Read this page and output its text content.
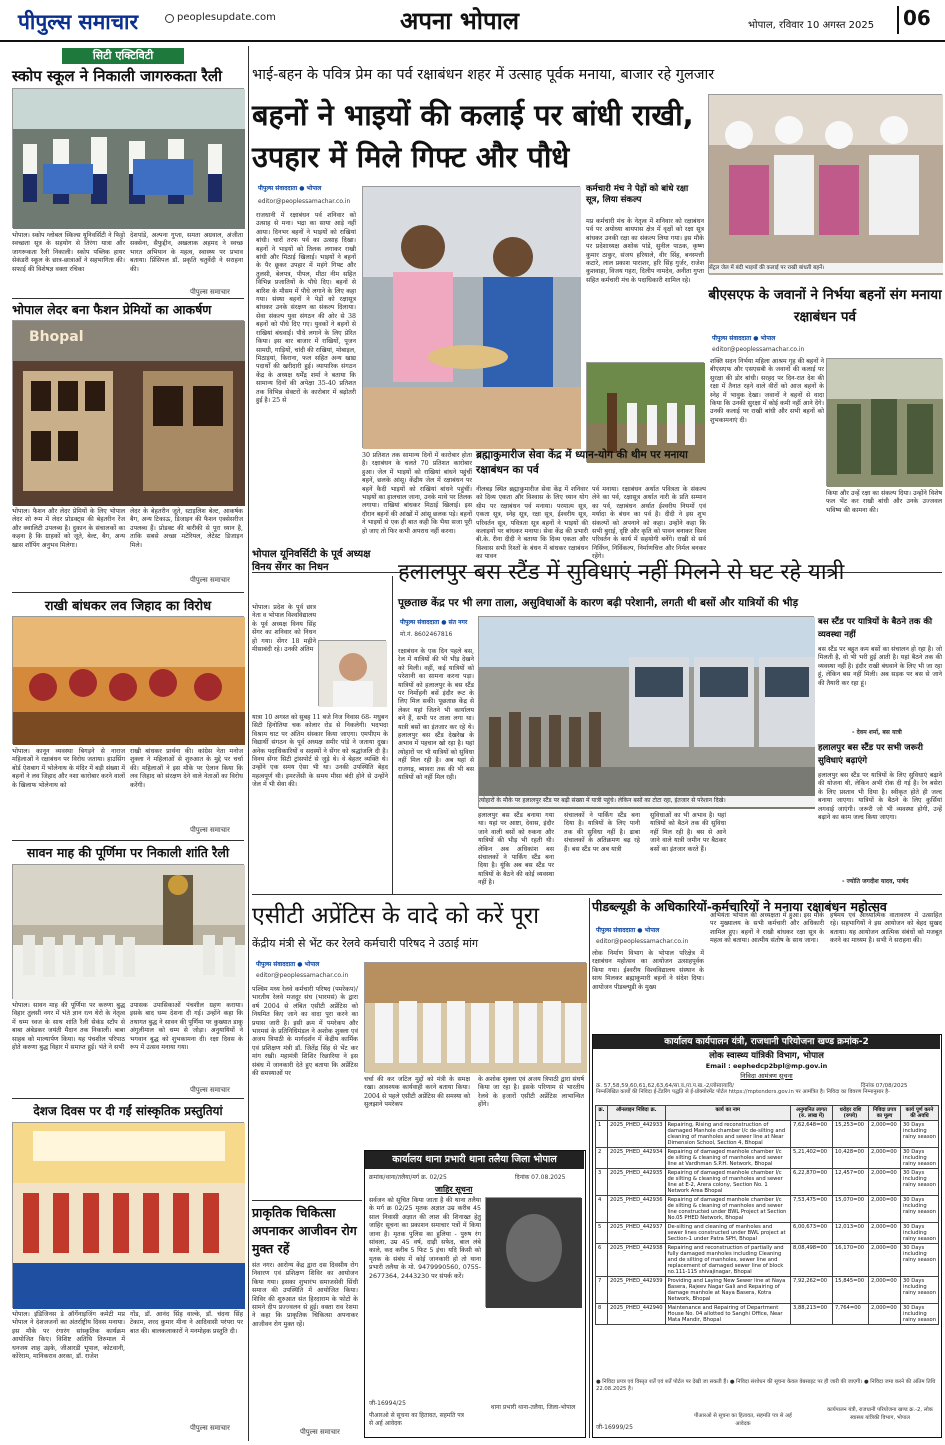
पीपुल्स समाचार	peoplesupdate.com	अपना भोपाल	भोपाल, रविवार 10 अगस्त 2025	06
सिटी एक्टिविटी
स्कोप स्कूल ने निकाली जागरुकता रैली
भोपाल। स्कोप ग्लोबल स्किल्स यूनिवर्सिटी ने फिट्टो स्वच्छता सूत्र के सहयोग से तिरंगा यात्रा और जागरूकता रैली निकाली। स्कोप पब्लिक हायर सेकंडरी स्कूल के छात्र-छात्राओं ने सहभागिता की। सफाई की विशेषज्ञ वक्ता रचिका
देशपांडे, अल्पना गुप्ता, समता अग्रवाल, अंजीता सक्सेना, सैफुद्दीन, अखलाक अहमद ने स्वच्छ भारत अभियान के महत्व, स्वास्थ्य पर प्रभाव बताया। प्रिंसिपल डॉ. प्रकृति चतुर्वेदी ने सराहना की।
पीपुल्स समाचार
भोपाल लेदर बना फैशन प्रेमियों का आकर्षण
Bhopal
भोपाल। फैशन और लेदर प्रेमियों के लिए भोपाल लेदर शो रूम में लेदर प्रोडक्ट्स की बेहतरीन रेंज और क्वालिटी उपलब्ध है। दुकान के संचालकों का कहना है कि ग्राहकों को जूते, बेल्ट, बैग, अन्य खास शॉपिंग अनुभव मिलेगा।
लेदर के बेहतरीन जूते, स्टाइलिश बेल्ट, आकर्षक बैग, अन्य टिकाऊ, डिजाइन की फैशन एक्सेसरीज उपलब्ध हैं। प्रोडक्ट की बारीकी से पूरा ध्यान है, ताकि सबसे अच्छा मटेरियल, लेटेस्ट डिजाइन मिले।
पीपुल्स समाचार
राखी बांधकर लव जिहाद का विरोध
भोपाल। कानून व्यवस्था बिगड़ने से नाराज महिलाओं ने रक्षाबंधन पर विरोध जताया। हाउसिंग बोर्ड ऐशबाग में भोलेनाथ के मंदिर में बड़ी संख्या में बहनों ने लव जिहाद और नशा कारोबार करने वालों के खिलाफ भोलेनाथ को
राखी बांधकर प्रार्थना की। कांग्रेस नेता मनोज शुक्ला ने महिलाओं से शुरुआत के मुद्दे पर चर्चा की। महिलाओं ने इस मौके पर ऐलान किया कि लव जिहाद को संरक्षण देने वाले नेताओं का विरोध करेंगी।
पीपुल्स समाचार
सावन माह की पूर्णिमा पर निकाली शांति रैली
भोपाल। सावन माह की पूर्णिमा पर करुणा बुद्ध विहार तुलसी नगर में भंते ज्ञान रत्न थेरो के नेतृत्व में धम्म ध्वज के साथ शांति रैली सेकंड स्टॉप से बाबा अंबेडकर जयंती मैदान तक निकाली। बाबा साहब को माल्यार्पण किया। यह पंचशील परिपाठ होते करुणा बुद्ध विहार में समाप्त हुई। भंते ने सभी
उपासक उपासिकाओं पंचशील ग्रहण कराया। इसके बाद धम्म देशना दी गई। उन्होंने कहा कि तथागत बुद्ध ने सावन की पूर्णिमा पर कुख्यात डाकू अंगुलीमाल को धम्म से जोड़ा। अनुयायियों ने भगवान बुद्ध को शुभकामना दी। रक्षा दिवस के रूप में उत्सव मनाया गया।
पीपुल्स समाचार
देशज दिवस पर दी गईं सांस्कृतिक प्रस्तुतियां
भोपाल। इंडिजिनस डे ऑर्गेनाइजिंग कमेटी मप्र भोपाल ने देशजजनों का अंतर्राष्ट्रीय दिवस मनाया। इस मौके पर रंगारंग सांस्कृतिक कार्यक्रम आयोजित किए। विशिष्ट अतिथि तिरुमाल में धनजय शाह उइके, जीआरडी भूपाल, कोटवानी, कोरेराम, मानिकराव अरका, डॉ. राजेश
गोंड, डॉ. आनंद सिंह वाल्के, डॉ. चंदना सिंह टेकाम, शरद कुमार मीना ने आदिवासी परंपरा पर बात की। बालकलाकारों ने मनमोहक प्रस्तुति दी।
पीपुल्स समाचार
भाई-बहन के पवित्र प्रेम का पर्व रक्षाबंधन शहर में उत्साह पूर्वक मनाया, बाजार रहे गुलजार
बहनों ने भाइयों की कलाई पर बांधी राखी, उपहार में मिले गिफ्ट और पौधे
पीपुल्स संवाददाता ● भोपाल
editor@peoplessamachar.co.in
राजधानी में रक्षाबंधन पर्व शनिवार को उत्साह से मना। भद्रा का साया आड़े नहीं आया। दिनभर बहनों ने भाइयों को राखियां बांधी। चारों तरफ पर्व का उत्साह दिखा। बहनों ने भाइयों को तिलक लगाकर राखी बांधी और मिठाई खिलाई। भाइयों ने बहनों के पैर छूकर उपहार में महंगे गिफ्ट और तुलसी, बेलपत्र, पीपल, मीठा नीम सहित विभिन्न प्रजातियों के पौधे दिए। बहनों से बारिश के मौसम में पौधे लगाने के लिए कहा गया। संस्था बहनों ने पेड़ों को रक्षासूत्र बांधकर उनके संरक्षण का संकल्प दिलाया। सेवा संकल्प युवा संगठन की ओर से 38 बहनों को पौधे दिए गए। युवकों ने बहनों से राखियां बंधवाईं। पौधे लगाने के लिए प्रेरित किया। इस बार बाजार में राखियों, पूजन सामग्री, गाड़ियों, चांदी की राखियां, मोबाइल, मिठाइयां, किराना, फल सहित अन्य खाद्य पदार्थों की खरीदारी हुई। व्यापारिक संगठन केंद्र के अध्यक्ष धर्मेंद्र शर्मा ने बताया कि सामान्य दिनों की अपेक्षा 35-40 प्रतिशत तक विभिन्न सेक्टरों के कारोबार में बढ़ोतरी हुई है। 25 से
30 प्रतिशत तक सामान्य दिनों में कारोबार होता है। रक्षाबंधन के चलते 70 प्रतिशत कारोबार हुआ। जेल में भाइयों को राखियां बांधने पहुंचीं बहनें, छलके आंसू। केंद्रीय जेल में रक्षाबंधन पर बहनें कैदी भाइयों को राखियां बांधने पहुंचीं। भाइयों का हालचाल जाना, उनके माथे पर तिलक लगाया। राखियां बांधकर मिठाई खिलाई। इस दौरान बहनों की आंखों में आंसू छलक पड़े। बहनों ने भाइयों से एक ही बात कही कि भैया सजा पूरी हो जाए तो फिर कभी अपराध नहीं करना।
कर्मचारी मंच ने पेड़ों को बांधे रक्षा सूत्र, लिया संकल्प
मप्र कर्मचारी मंच के नेतृत्व में शनिवार को रक्षाबंधन पर्व पर अयोध्या बायपास क्षेत्र में वृक्षों को रक्षा सूत्र बांधकर उनकी रक्षा का संकल्प लिया गया। इस मौके पर प्रदेशाध्यक्ष अशोक पांडे, सुनील पाठक, कृष्ण कुमार ठाकुर, संजय हरियाले, वीर सिंह, बनस्पत्ती कटारे, लाल प्रकाश पाराशर, हरि सिंह गुर्जर, राजेश कुशवाहा, विजय गहरा, दिलीप नामदेव, अनीता गुप्ता सहित कर्मचारी मंच के पदाधिकारी शामिल रहे।
सेंट्रल जेल में बंदी भाइयों की कलाई पर राखी बांधती बहनें।
बीएसएफ के जवानों ने निर्भया बहनों संग मनाया रक्षाबंधन पर्व
पीपुल्स संवाददाता ● भोपाल
editor@peoplessamachar.co.in
शक्ति सदन निर्भया महिला आश्रम गृह की बहनों ने बीएसएफ और एसएसबी के जवानों की कलाई पर सुरक्षा की डोर बांधी। सरहद पर दिन-रात देश की रक्षा में तैनात रहने वाले वीरों को आज बहनों के स्नेह में भावुक देखा। जवानों ने बहनों से वादा किया कि उनकी सुरक्षा में कोई कमी नहीं आने देंगे। उनकी कलाई पर राखी बांधी और सभी बहनों को शुभकामनाएं दी।
किया और उन्हें रक्षा का संकल्प दिया। उन्होंने विशेष फल भेंट कर राखी बांधी और उनके उज्जवल भविष्य की कामना की।
ब्रह्माकुमारीज सेवा केंद्र में ध्यान-योग की थीम पर मनाया रक्षाबंधन का पर्व
नीलबड़ स्थित ब्रह्माकुमारीज सेवा केंद्र में शनिवार को दिव्य एकता और विश्वास के लिए ध्यान योग थीम पर रक्षाबंधन पर्व मनाया। परमात्म सूत्र, एकता सूत्र, स्नेह सूत्र, रक्षा सूत्र, ईश्वरीय सूत्र, परिवर्तन सूत्र, पवित्रता सूत्र बहनों ने भाइयों की कलाइयों पर बांधकर मनाया। सेवा केंद्र की प्रभारी बी.के. रीना दीदी ने बताया कि दिव्य एकता और विश्वास सभी रिश्तों के बंधन में बांधकर रक्षाबंधन का पावन
पर्व मनाया। रक्षाबंधन अर्थात पवित्रता के संकल्प लेने का पर्व, रक्षासूत्र अर्थात नारी के प्रति सम्मान का पर्व, रक्षाबंधन अर्थात ईश्वरीय नियमों एवं मर्यादा के बंधन का पर्व है। दीदी ने इस शुभ संकल्पों को अपनाने को कहा। उन्होंने कहा कि सभी बुराई, दृष्टि और कृति को पावन बनाकर विश्व परिवर्तन के कार्य में सहयोगी बनेंगे। राखी से सर्व निर्विघ्न, निर्विकल्प, निर्माणचित्त और निर्मल बनकर रहेंगे।
भोपाल यूनिवर्सिटी के पूर्व अध्यक्ष विनय सेंगर का निधन
भोपाल। प्रदेश के पूर्व छात्र नेता व भोपाल विश्वविद्यालय के पूर्व अध्यक्ष विनय सिंह सेंगर का शनिवार को निधन हो गया। सेंगर 18 महीने मीसाबंदी रहे। उनकी अंतिम
यात्रा 10 अगस्त को सुबह 11 बजे निज निवास 68- मधुबन सिटी हिनोतिया चक कोलार रोड से निकलेगी। भदभदा विश्राम घाट पर अंतिम संस्कार किया जाएगा। एमपीएम के विद्यार्थी संगठन के पूर्व अध्यक्ष समीर पांडे ने जताया दुख। अनेक पदाधिकारियों व सदस्यों ने सेंगर को श्रद्धांजलि दी है। विनय सेंगर सिटी ट्रांसपोर्ट से जुड़े थे। वे बेहतर व्यक्ति थे। उन्होंने एक समय ऐसा भी था। उनकी उपस्थिति बेहद महत्वपूर्ण थी। इमरजेंसी के समय मीसा बंदी होने से उन्होंने जेल में भी सेवा की।
हलालपुर बस स्टैंड में सुविधाएं नहीं मिलने से घट रहे यात्री
पूछताछ केंद्र पर भी लगा ताला, असुविधाओं के कारण बढ़ी परेशानी, लगती थी बसों और यात्रियों की भीड़
पीपुल्स संवाददाता ● संत नगर
मो.नं. 8602467816
रक्षाबंधन के एक दिन पहले बस, रेल में यात्रियों की भी भीड़ देखने को मिली। वहीं, कई यात्रियों को परेशानी का सामना करना पड़ा। यात्रियों को हलालपुर के बस स्टैंड पर निर्मोहनी बसें इंदौर रूट के लिए मिल सकी। पूछताछ केंद्र से लेकर यहां जितने भी कार्यालय बने हैं, सभी पर ताला लगा था। यात्री बसों का इंतजार कर रहे थे। हलालपुर बस स्टैंड देखरेख के अभाव में पहचान खो रहा है। यहां त्योहारों पर भी यात्रियों को सुविधा नहीं मिल रही है। अब यहां से राजगढ़, ब्यावरा तक की भी बस यात्रियों को नहीं मिल रही।
त्योहारों के मौके पर हलालपुर स्टैंड पर बढ़ी संख्या में यात्री पहुंचे। लेकिन बसों का टोटा रहा, इंतजार से परेशान दिखे।
हलालपुर बस स्टैंड बनाया गया था। यहां पर आष्टा, देवास, इंदौर जाने वाली बसों को रुकना और यात्रियों की भीड़ भी रहती थी। लेकिन अब अधिकांश बस संचालकों ने पार्किंग स्टैंड बना दिया है। यूंकि अब बस स्टैंड पर यात्रियों के बैठने की कोई व्यवस्था नहीं है।
संचालकों ने पार्किंग स्टैंड बना दिया है। यात्रियों के लिए पानी तक की सुविधा नहीं है। ढाबा संचालकों के अतिक्रमण बढ़ रहे हैं। बस स्टैंड पर अब यात्री
सुविधाओं का भी अभाव है। यहां यात्रियों को बैठने तक की सुविधा नहीं मिल रही है। बस से आने जाने वाले यात्री जमीन पर बैठकर बसों का इंतजार करते हैं।
बस स्टैंड पर यात्रियों के बैठने तक की व्यवस्था नहीं
बस स्टैंड पर बहुत कम बसों का संचालन हो रहा है। जो मिलती है, वो भी भरी हुई आती है। यहां बैठने तक की व्यवस्था नहीं है। इंदौर राखी बंधवाने के लिए भी जा रहा हूं, लेकिन बस नहीं मिली। अब सड़क पर बस से जाने की तैयारी कर रहा हूं।
- देवम शर्मा, बस यात्री
हलालपुर बस स्टैंड पर सभी जरूरी सुविधाएं बढ़ाएंगे
हलालपुर बस स्टैंड पर यात्रियों के लिए सुविधाएं बढ़ाने की योजना थी, लेकिन अभी रोक दी गई है। रेन बसेरा के लिए प्रस्ताव भी दिया है। स्वीकृत होते ही जल्द बनाया जाएगा। यात्रियों के बैठने के लिए कुर्सियां लगवाई जाएंगी। जरूरी जो भी व्यवस्था होगी, उन्हें बढ़ाने का काम जल्द किया जाएगा।
- ज्योति जगदीश यादव, पार्षद
एसीटी अप्रेंटिस के वादे को करें पूरा
केंद्रीय मंत्री से भेंट कर रेलवे कर्मचारी परिषद ने उठाई मांग
पीपुल्स संवाददाता ● भोपाल
editor@peoplessamachar.co.in
पश्चिम मध्य रेलवे कर्मचारी परिषद (पमरेकप)/भारतीय रेलवे मजदूर संघ (भारमसं) के द्वारा वर्ष 2004 से लंबित एसीटी अप्रेंटिस को नियमित किए जाने का वादा पूरा करने का प्रयास जारी है। इसी क्रम में पमरेकप और भारमसं के प्रतिनिधिमंडल ने अशोक शुक्ला एवं अजय त्रिपाठी के मार्गदर्शन में केंद्रीय कार्मिक एवं प्रशिक्षण मंत्री डॉ. जितेंद्र सिंह से भेंट कर मांग रखी। महामंत्री शिशिर रिछारिया ने इस संबंध में जानकारी देते हुए बताया कि अप्रेंटिस की समस्याओं पर
चर्चा की कर जटिल मुद्दों को मंत्री के समक्ष रखा। आवश्यक कार्यवाही करने बताया किया। 2004 से पहले एसीटी अप्रेंटिस की समस्या को सुलझाने पमरेकप
के अशोक शुक्ला एवं अजय त्रिपाठी द्वारा संघर्ष किया जा रहा है। इसके परिणाम से भारतीय रेलवे के हजारों एसीटी अप्रेंटिस लाभान्वित होंगे।
प्राकृतिक चिकित्सा अपनाकर आजीवन रोग मुक्त रहें
संत नगर। आरोग्य केंद्र द्वारा दस दिवसीय रोग निवारण एवं प्रशिक्षण शिविर का आयोजन किया गया। इसका शुभारंभ समाजसेवी सिंधी समाज की उपस्थिति में आयोजित किया। शिविर की शुरुआत संत हिरदाराम के फोटो के सामने दीप प्रज्ज्वलन से हुई। वक्ता राव रेशमा ने कहा कि प्राकृतिक चिकित्सा अपनाकर आजीवन रोग मुक्त रहें।
पीपुल्स समाचार
कार्यालय थाना प्रभारी थाना तलैया जिला भोपाल
क्रमांक/थाना/तलैया/मर्ग क्र. 02/25	दिनांक 07.08.2025
जाहिर सूचना
सर्वजन को सूचित किया जाता है की थाना तलैया के मर्ग क्र 02/25 मृतक अज्ञात उम्र करीब 45 साल निवासी अज्ञात की लाश की शिनाख्त हेतु जाहिर सूचना का प्रकाशन समाचार पत्रों में किया जाना है। मृतक पुलिस का हुलिया - पुरुष रंग सांवला, उम्र 45 वर्ष, दाढ़ी सफेद, बाल लंबे काले, कद करीब 5 फिट 5 इंच। यदि किसी को मृतक के संबंध में कोई जानकारी हो तो थाना प्रभारी तलैया के मो. 9479990560, 0755-2677364, 2443230 पर संपर्क करें।
जी-16994/25
पीआरओ से सूचना का हितावत, सहमति पत्र से अर्ह आवेदक
थाना प्रभारी थाना-तलैया, जिला-भोपाल
पीडब्ल्यूडी के अधिकारियों-कर्मचारियों ने मनाया रक्षाबंधन महोत्सव
पीपुल्स संवाददाता ● भोपाल
editor@peoplessamachar.co.in
लोक निर्माण विभाग के भोपाल परिक्षेत्र में रक्षाबंधन महोत्सव का आयोजन उत्साहपूर्वक किया गया। ईश्वरीय विश्वविद्यालय संस्थान के साथ मिलकर ब्रह्माकुमारी बहनों ने संदेश दिया। आयोजन पीडब्ल्यूडी के मुख्य
अभियंता भोपाल की अध्यक्षता में हुआ। इस मौके पर मुख्यालय के सभी कर्मचारी और अधिकारी शामिल हुए। बहनों ने राखी बांधकर रक्षा सूत्र के महत्व को बताया। आत्मीय संतोष के साथ जाना।
हर्षमय एवं आध्यात्मिक वातावरण में उत्साहित रहे। सहभागियों ने इस आयोजन को बेहद सुखद बताया। यह आयोजन आत्मिक संबंधों को मजबूत करने का माध्यम है। सभी ने सराहना की।
कार्यालय कार्यपालन यंत्री, राजधानी परियोजना खण्ड क्रमांक-2
लोक स्वास्थ्य यांत्रिकी विभाग, भोपाल
Email : eephedcp2bpl@mp.gov.in
निविदा आमंत्रण सूचना
क्र. 57,58,59,60,61,62,63,64/सा.व./रा.प.ख.-2/लोस्वायावि/	दिनांक 07/08/2025
निम्नलिखित कार्यों की निविदा ई-टेंडरिंग पद्धति से ई-प्रोक्योरमेंट पोर्टल https://mptenders.gov.in पर आमंत्रित है। निविदा का विवरण निम्नानुसार है-
क्र.	ऑनलाइन निविदा क्र.	कार्य का नाम	अनुमानित लागत (रु. लाख में)	धरोहर राशि (रुपये)	निविदा प्रपत्र का मूल्य	कार्य पूर्ण करने की अवधि
1	2025_PHED_442933	Repairing, Rising and reconstruction of damaged Manhole chamber I/c de-silting and cleaning of manholes and sewer line at Near Dimension School, Section 4, Bhopal	7,62,648=00	15,253=00	2,000=00	30 Days including rainy season
2	2025_PHED_442934	Repairing of damaged manhole chamber I/c de silting & cleaning of manholes and sewer line at Vardhman S.P.H. Network, Bhopal	5,21,402=00	10,428=00	2,000=00	30 Days including rainy season
3	2025_PHED_442935	Repairing of damaged manhole chamber I/c de silting & cleaning of manholes and sewer line at E-2, Arera colony, Section No. 1 Network Area Bhopal	6,22,870=00	12,457=00	2,000=00	30 Days including rainy season
4	2025_PHED_442936	Repairing of damaged manhole chamber I/c de silting & cleaning of manholes and sewer line constructed under BWL Project at Section No.05 PHED Network, Bhopal	7,53,475=00	15,070=00	2,000=00	30 Days including rainy season
5	2025_PHED_442937	De-silting and cleaning of manholes and sewer lines constructed under BWL project at Section-1 under Patra SPH, Bhopal	6,00,673=00	12,013=00	2,000=00	30 Days including rainy season
6	2025_PHED_442938	Repairing and reconstruction of partially and fully damaged manholes including Cleaning and de silting of manholes, sewer line and replacement of damaged sewer line of block no.111-115 shivajinagar, Bhopal	8,08,498=00	16,170=00	2,000=00	30 Days including rainy season
7	2025_PHED_442939	Providing and Laying New Sewer line at Naya Basera, Rajeev Nagar Gali and Repairing of damage manhole at Naya Basera, Kotra Network, Bhopal	7,92,262=00	15,845=00	2,000=00	30 Days including rainy season
8	2025_PHED_442940	Maintenance and Repairing of Department House No. 04 allotted to Sanghi Office, Near Mata Mandir, Bhopal	3,88,213=00	7,764=00	2,000=00	30 Days including rainy season
● निविदा प्रपत्र एवं विस्तृत शर्तें एवं शर्तें पोर्टल पर देखी जा सकती हैं। ● निविदा संशोधन की सूचना केवल वेबसाइट पर ही जारी की जाएगी। ● निविदा जमा करने की अंतिम तिथि 22.08.2025 है।
जी-16999/25
पीआरओ से सूचना का हितावत, सहमति पत्र से अर्ह आवेदक
कार्यपालन यंत्री, राजधानी परियोजना खण्ड क्र.-2, लोक स्वास्थ्य यांत्रिकी विभाग, भोपाल
